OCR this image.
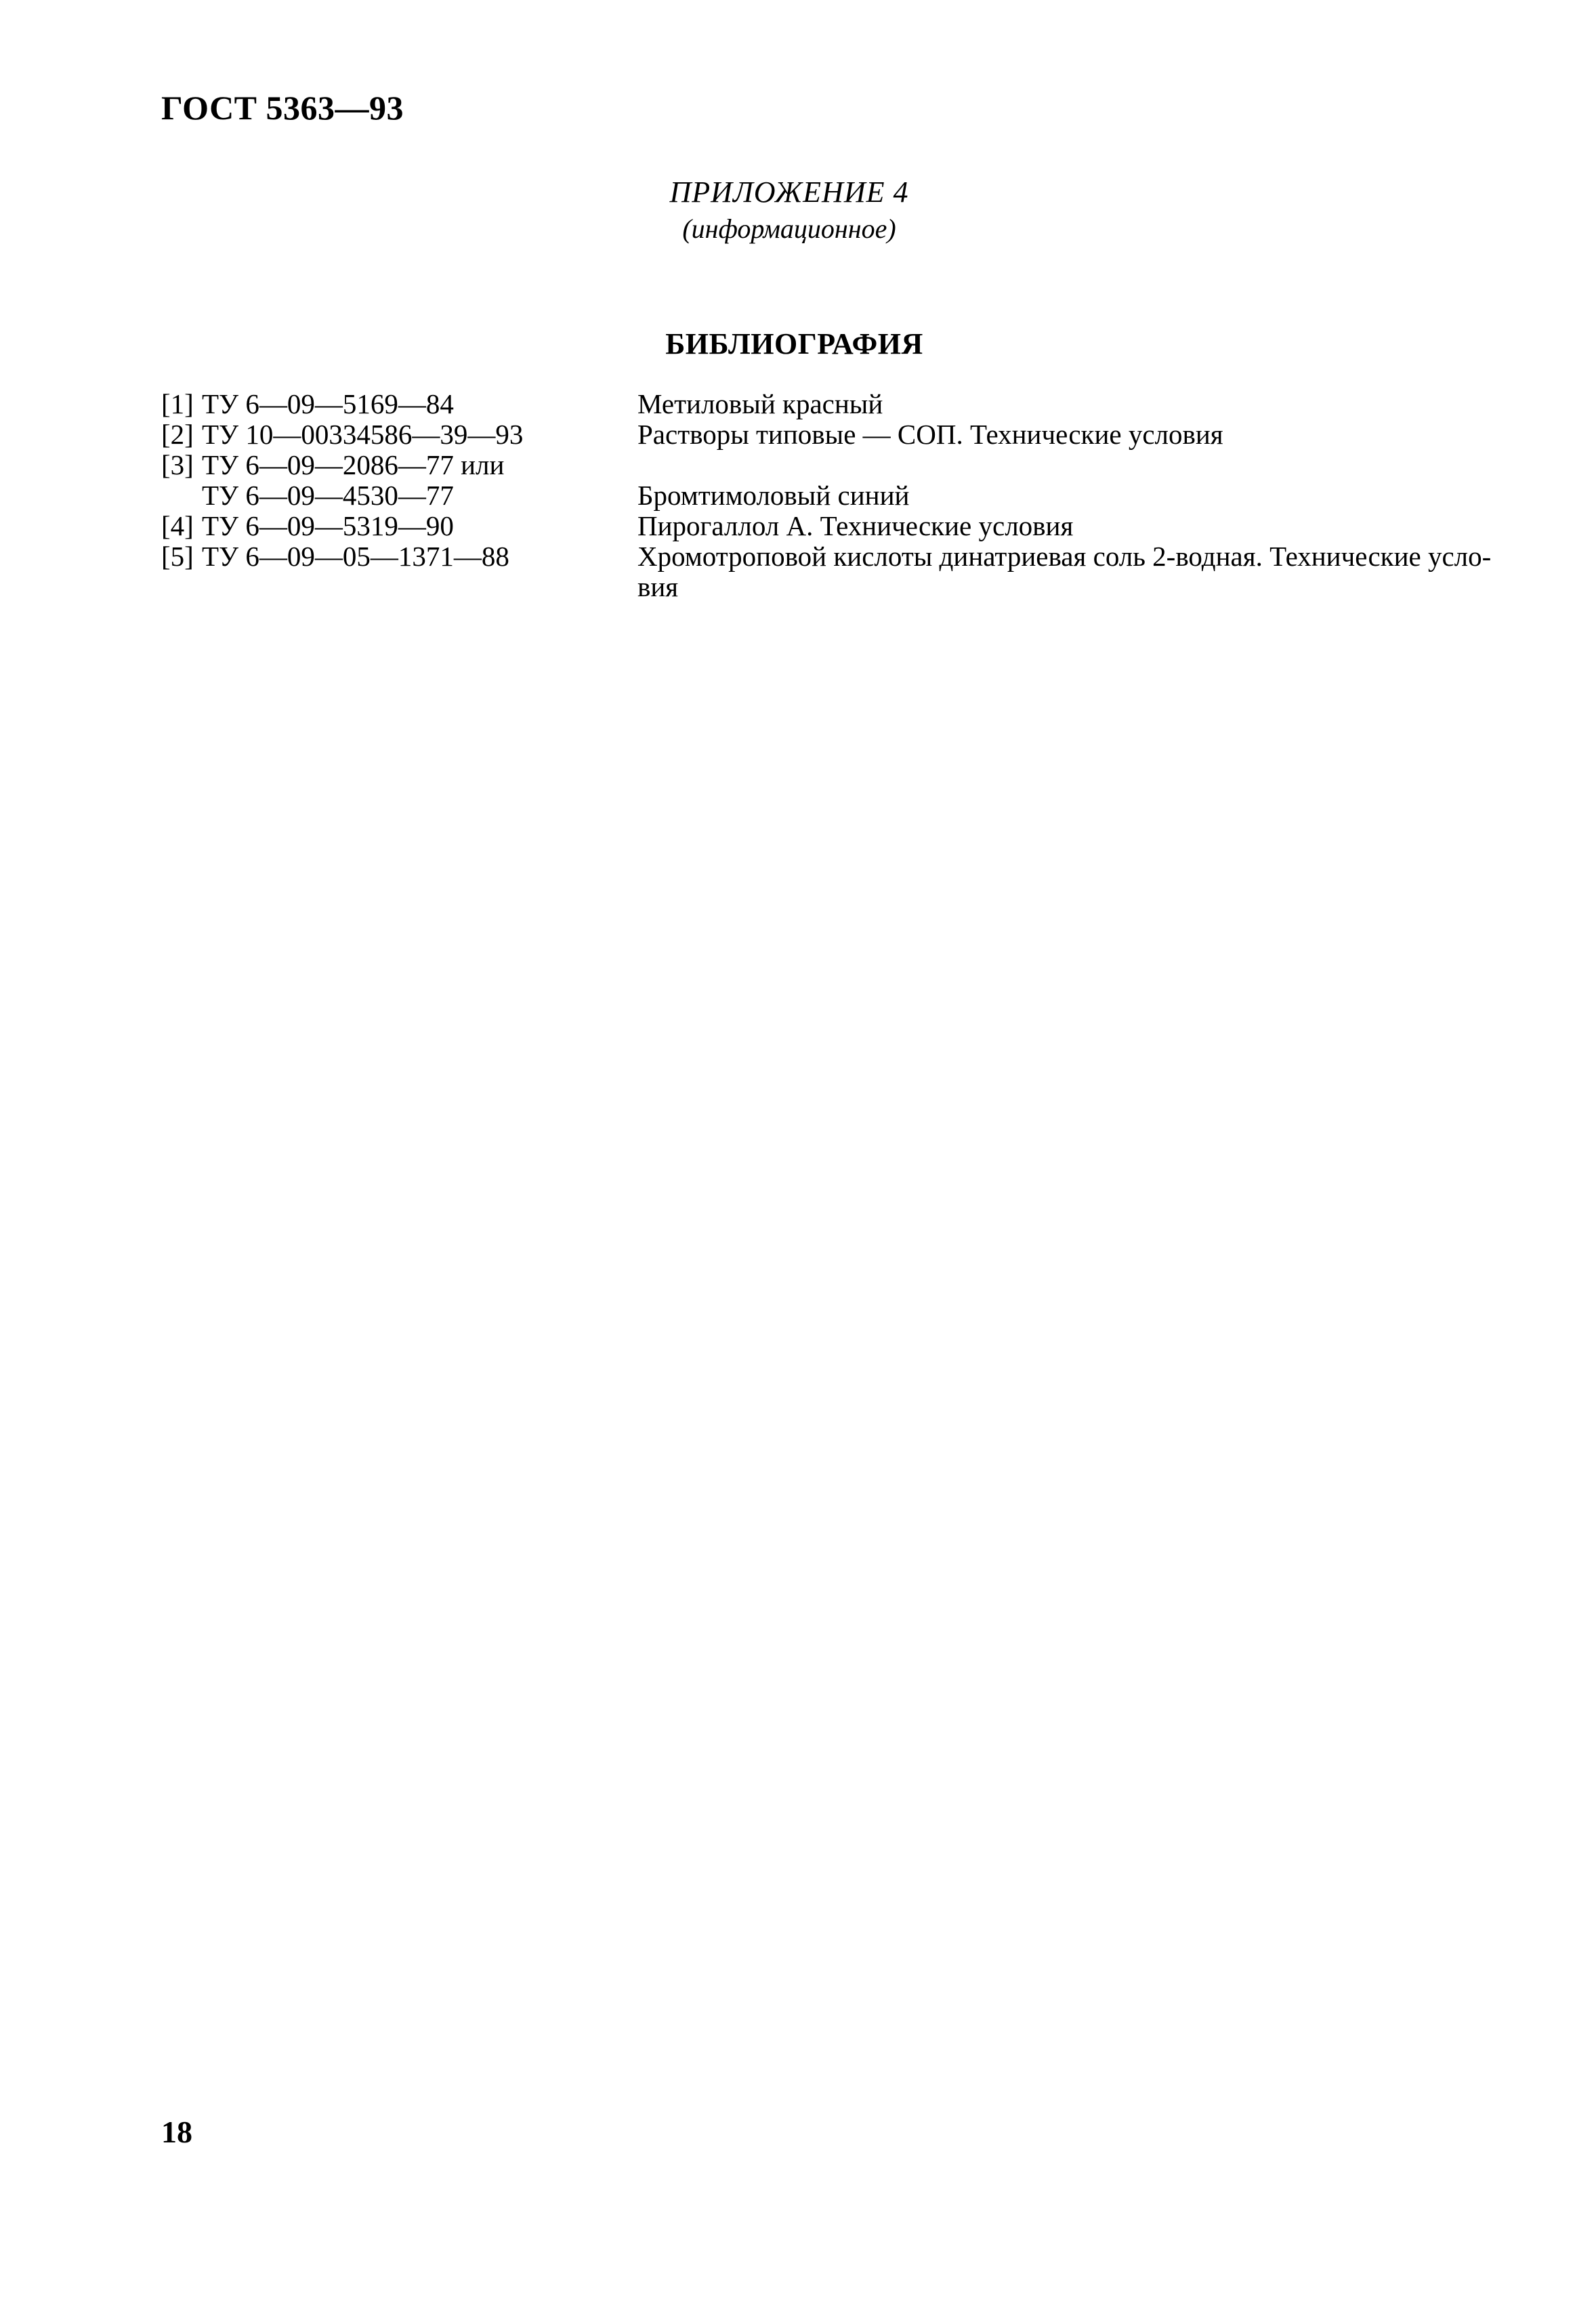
ГОСТ 5363—93
ПРИЛОЖЕНИЕ 4
(информационное)
БИБЛИОГРАФИЯ
[1] ТУ 6—09—5169—84	Метиловый красный
[2] ТУ 10—00334586—39—93	Растворы типовые — СОП. Технические условия
[3] ТУ 6—09—2086—77 или

ТУ 6—09—4530—77	Бромтимоловый синий
[4] ТУ 6—09—5319—90	Пирогаллол А. Технические условия
[5] ТУ 6—09—05—1371—88	Хромотроповой кислоты динатриевая соль 2-водная. Технические усло-
вия
18
